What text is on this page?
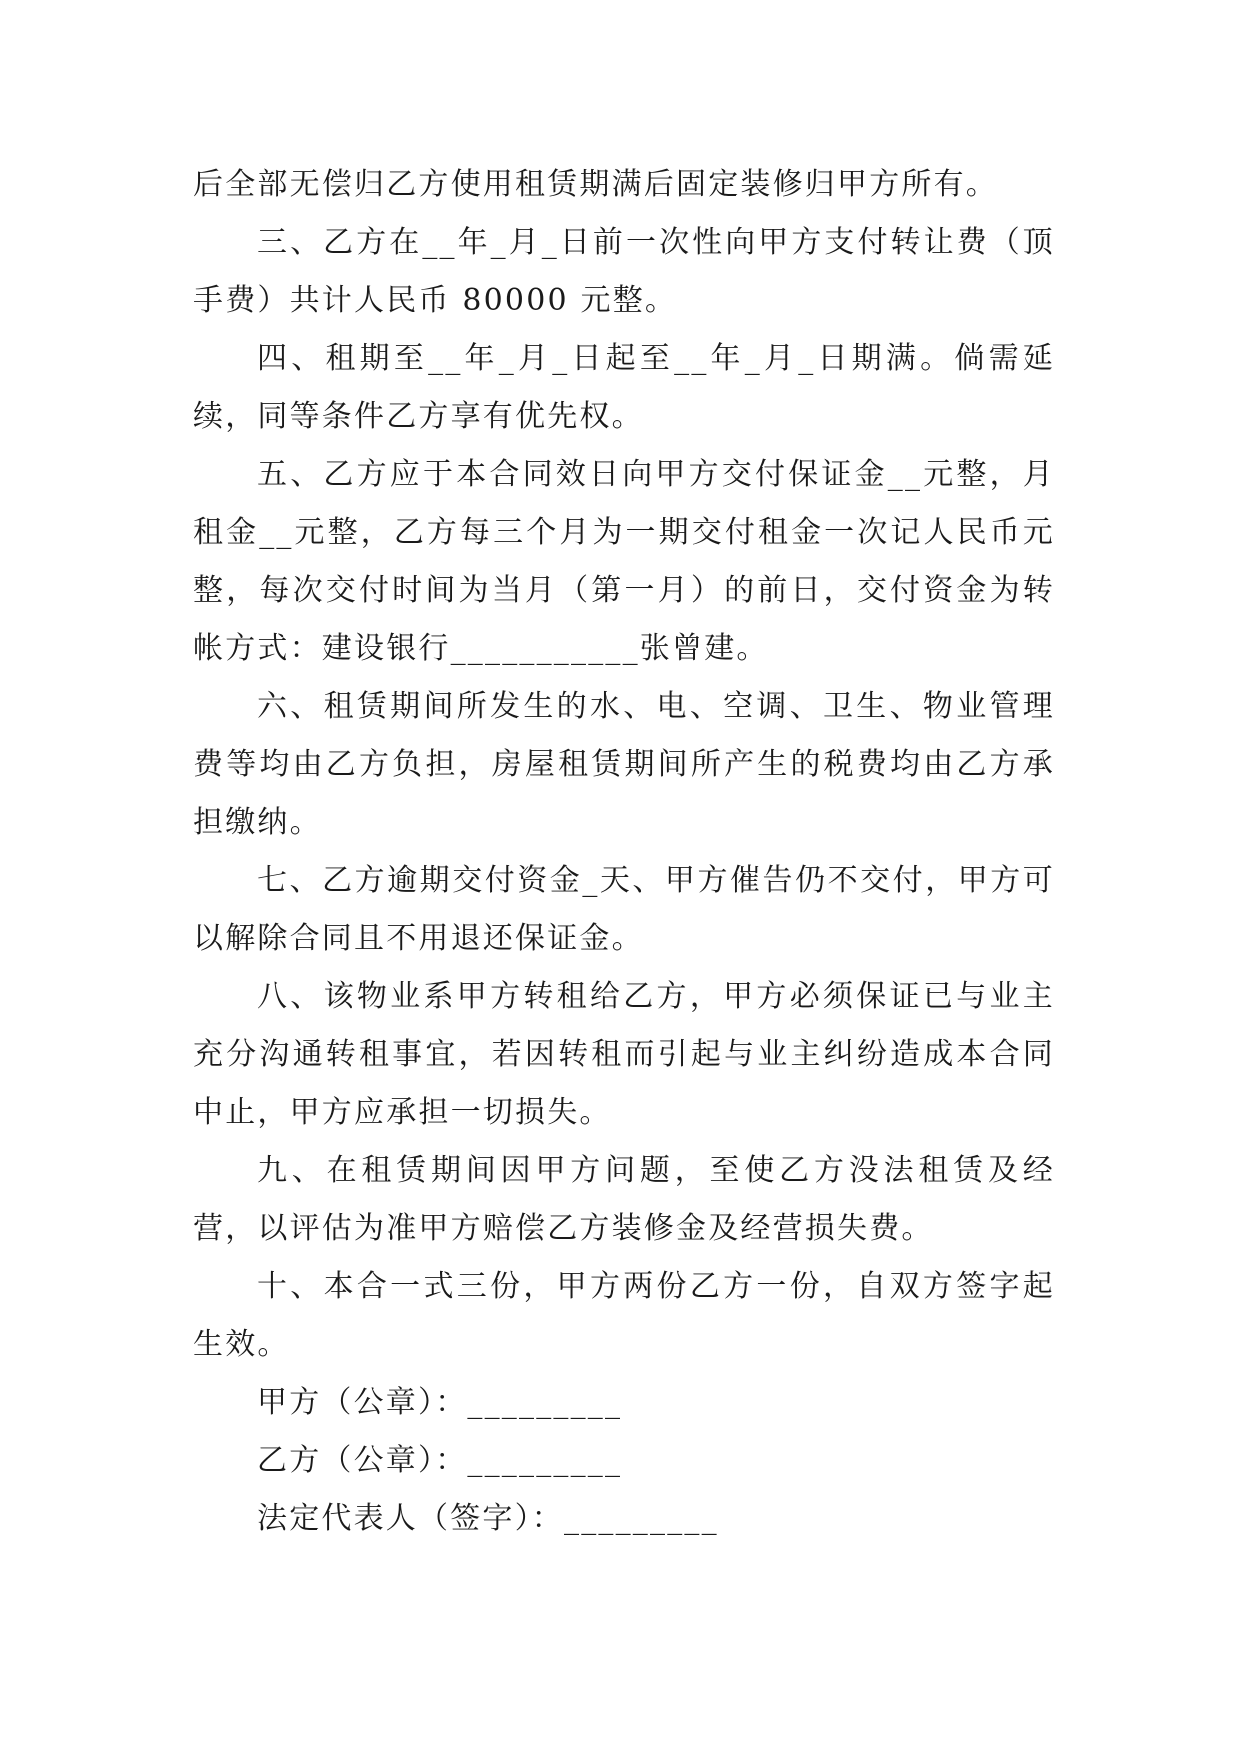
后全部无偿归乙方使用租赁期满后固定装修归甲方所有。

三、乙方在__年_月_日前一次性向甲方支付转让费（顶手费）共计人民币 80000 元整。

四、租期至__年_月_日起至__年_月_日期满。倘需延续，同等条件乙方享有优先权。

五、乙方应于本合同效日向甲方交付保证金__元整，月租金__元整，乙方每三个月为一期交付租金一次记人民币元整，每次交付时间为当月（第一月）的前日，交付资金为转帐方式：建设银行___________张曾建。

六、租赁期间所发生的水、电、空调、卫生、物业管理费等均由乙方负担，房屋租赁期间所产生的税费均由乙方承担缴纳。

七、乙方逾期交付资金_天、甲方催告仍不交付，甲方可以解除合同且不用退还保证金。

八、该物业系甲方转租给乙方，甲方必须保证已与业主充分沟通转租事宜，若因转租而引起与业主纠纷造成本合同中止，甲方应承担一切损失。

九、在租赁期间因甲方问题，至使乙方没法租赁及经营，以评估为准甲方赔偿乙方装修金及经营损失费。

十、本合一式三份，甲方两份乙方一份，自双方签字起生效。

甲方（公章）：_________

乙方（公章）：_________

法定代表人（签字）：_________
